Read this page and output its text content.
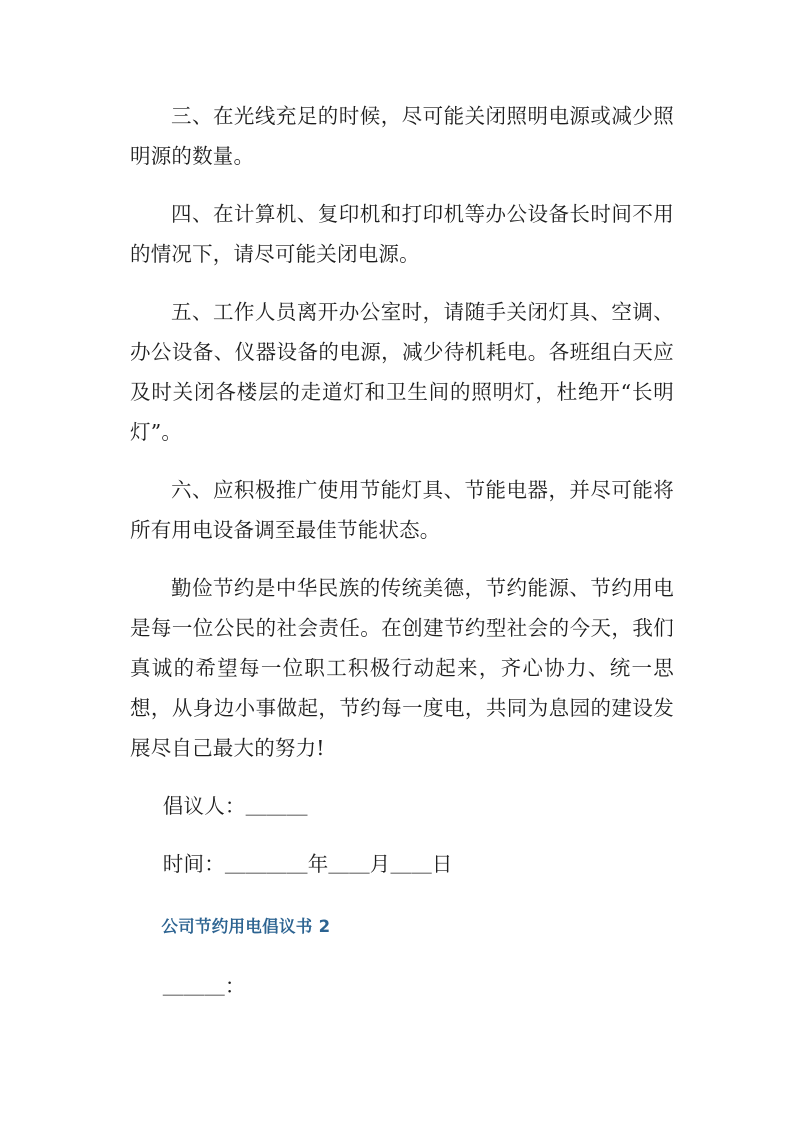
三、在光线充足的时候，尽可能关闭照明电源或减少照明源的数量。

四、在计算机、复印机和打印机等办公设备长时间不用的情况下，请尽可能关闭电源。

五、工作人员离开办公室时，请随手关闭灯具、空调、办公设备、仪器设备的电源，减少待机耗电。各班组白天应及时关闭各楼层的走道灯和卫生间的照明灯，杜绝开“长明灯”。

六、应积极推广使用节能灯具、节能电器，并尽可能将所有用电设备调至最佳节能状态。

勤俭节约是中华民族的传统美德，节约能源、节约用电是每一位公民的社会责任。在创建节约型社会的今天，我们真诚的希望每一位职工积极行动起来，齐心协力、统一思想，从身边小事做起，节约每一度电，共同为息园的建设发展尽自己最大的努力!

倡议人：＿＿＿

时间：＿＿＿＿年＿＿月＿＿日

公司节约用电倡议书 2

＿＿＿：
